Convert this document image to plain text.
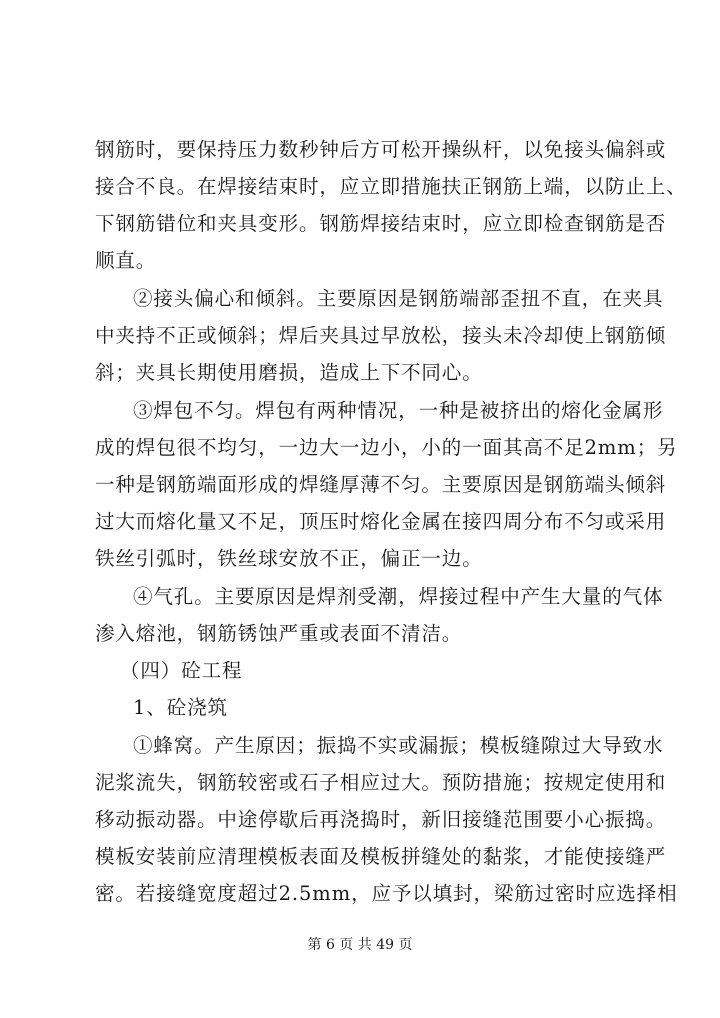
钢筋时，要保持压力数秒钟后方可松开操纵杆，以免接头偏斜或
接合不良。在焊接结束时，应立即措施扶正钢筋上端，以防止上、
下钢筋错位和夹具变形。钢筋焊接结束时，应立即检查钢筋是否
顺直。
②接头偏心和倾斜。主要原因是钢筋端部歪扭不直，在夹具
中夹持不正或倾斜；焊后夹具过早放松，接头未冷却使上钢筋倾
斜；夹具长期使用磨损，造成上下不同心。
③焊包不匀。焊包有两种情况，一种是被挤出的熔化金属形
成的焊包很不均匀，一边大一边小，小的一面其高不足2mm；另
一种是钢筋端面形成的焊缝厚薄不匀。主要原因是钢筋端头倾斜
过大而熔化量又不足，顶压时熔化金属在接四周分布不匀或采用
铁丝引弧时，铁丝球安放不正，偏正一边。
④气孔。主要原因是焊剂受潮，焊接过程中产生大量的气体
渗入熔池，钢筋锈蚀严重或表面不清洁。
（四）砼工程
1、砼浇筑
①蜂窝。产生原因；振捣不实或漏振；模板缝隙过大导致水
泥浆流失，钢筋较密或石子相应过大。预防措施；按规定使用和
移动振动器。中途停歇后再浇捣时，新旧接缝范围要小心振捣。
模板安装前应清理模板表面及模板拼缝处的黏浆，才能使接缝严
密。若接缝宽度超过2.5mm，应予以填封，梁筋过密时应选择相
第 6 页 共 49 页
